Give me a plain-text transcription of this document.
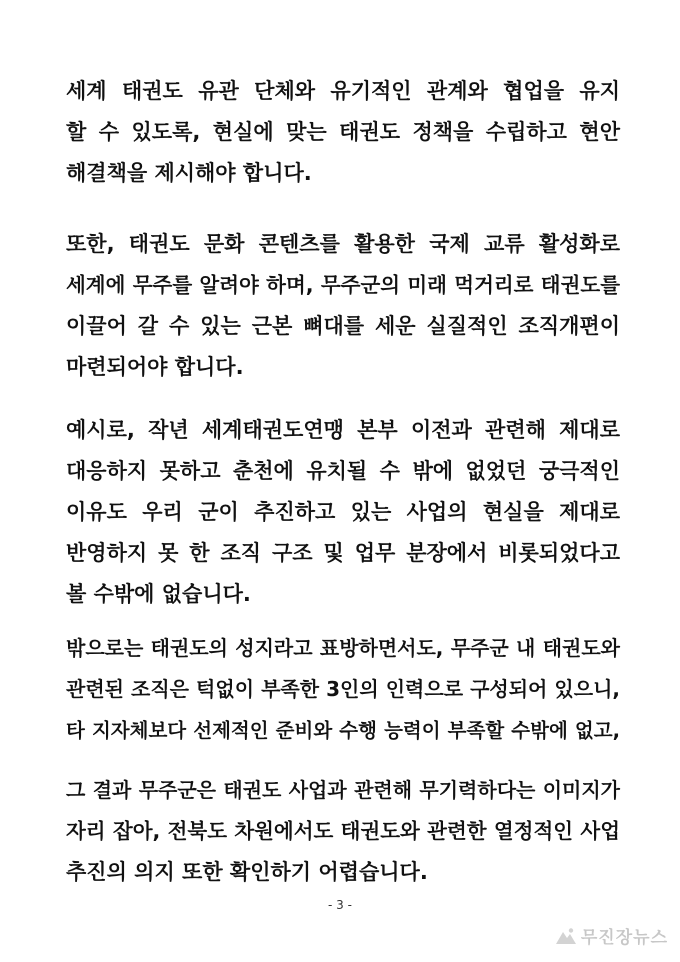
세계 태권도 유관 단체와 유기적인 관계와 협업을 유지
할 수 있도록, 현실에 맞는 태권도 정책을 수립하고 현안
해결책을 제시해야 합니다.
또한, 태권도 문화 콘텐츠를 활용한 국제 교류 활성화로
세계에 무주를 알려야 하며, 무주군의 미래 먹거리로 태권도를
이끌어 갈 수 있는 근본 뼈대를 세운 실질적인 조직개편이
마련되어야 합니다.
예시로, 작년 세계태권도연맹 본부 이전과 관련해 제대로
대응하지 못하고 춘천에 유치될 수 밖에 없었던 궁극적인
이유도 우리 군이 추진하고 있는 사업의 현실을 제대로
반영하지 못 한 조직 구조 및 업무 분장에서 비롯되었다고
볼 수밖에 없습니다.
밖으로는 태권도의 성지라고 표방하면서도, 무주군 내 태권도와
관련된 조직은 턱없이 부족한 3인의 인력으로 구성되어 있으니,
타 지자체보다 선제적인 준비와 수행 능력이 부족할 수밖에 없고,
그 결과 무주군은 태권도 사업과 관련해 무기력하다는 이미지가
자리 잡아, 전북도 차원에서도 태권도와 관련한 열정적인 사업
추진의 의지 또한 확인하기 어렵습니다.
- 3 -
무진장뉴스
